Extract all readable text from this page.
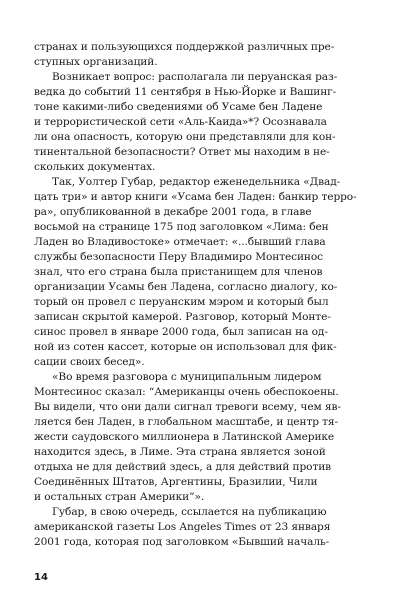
странах и пользующихся поддержкой различных пре-
ступных организаций.
Возникает вопрос: располагала ли перуанская раз-
ведка до событий 11 сентября в Нью-Йорке и Вашинг-
тоне какими-либо сведениями об Усаме бен Ладене
и террористической сети «Аль-Каида»*? Осознавала
ли она опасность, которую они представляли для кон-
тинентальной безопасности? Ответ мы находим в не-
скольких документах.
Так, Уолтер Губар, редактор еженедельника «Двад-
цать три» и автор книги «Усама бен Ладен: банкир терро-
ра», опубликованной в декабре 2001 года, в главе
восьмой на странице 175 под заголовком «Лима: бен
Ладен во Владивостоке» отмечает: «...бывший глава
службы безопасности Перу Владимиро Монтесинос
знал, что его страна была пристанищем для членов
организации Усамы бен Ладена, согласно диалогу, ко-
торый он провел с перуанским мэром и который был
записан скрытой камерой. Разговор, который Монте-
синос провел в январе 2000 года, был записан на од-
ной из сотен кассет, которые он использовал для фик-
сации своих бесед».
«Во время разговора с муниципальным лидером
Монтесинос сказал: “Американцы очень обеспокоены.
Вы видели, что они дали сигнал тревоги всему, чем яв-
ляется бен Ладен, в глобальном масштабе, и центр тя-
жести саудовского миллионера в Латинской Америке
находится здесь, в Лиме. Эта страна является зоной
отдыха не для действий здесь, а для действий против
Соединённых Штатов, Аргентины, Бразилии, Чили
и остальных стран Америки”».
Губар, в свою очередь, ссылается на публикацию
американской газеты Los Angeles Times от 23 января
2001 года, которая под заголовком «Бывший началь-
14
